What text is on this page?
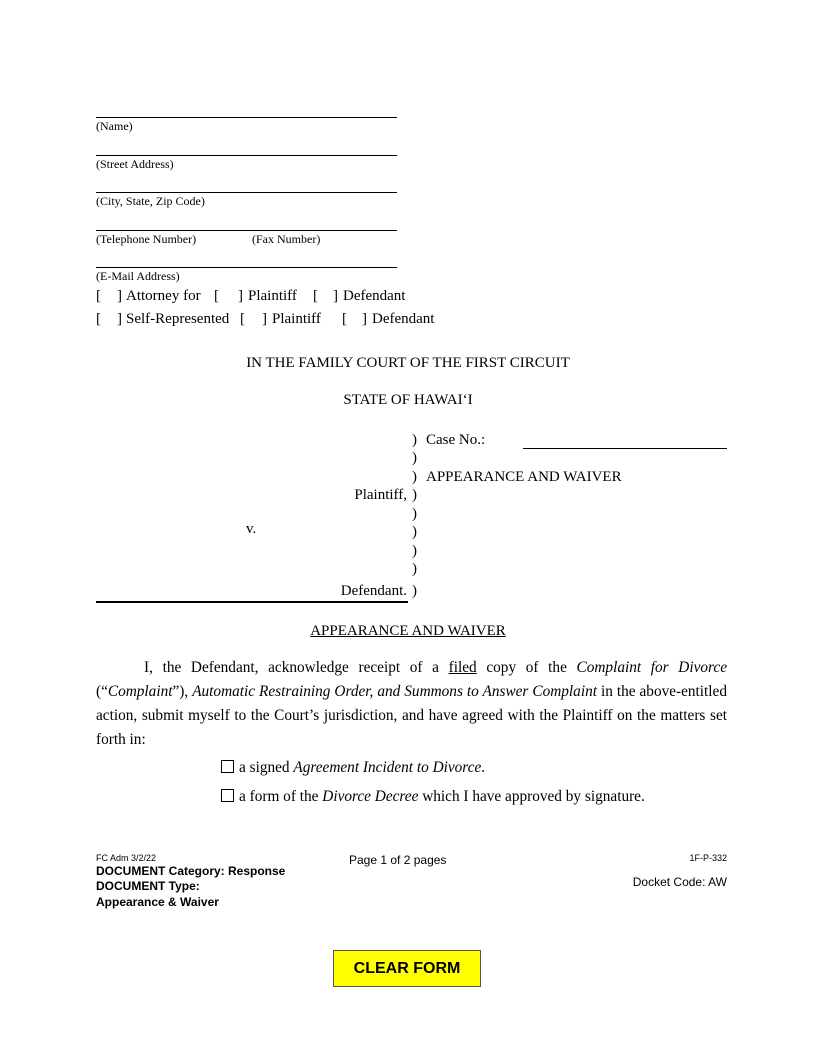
(Name)
(Street Address)
(City, State, Zip Code)
(Telephone Number)	(Fax Number)
(E-Mail Address)
[ ] Attorney for [ ] Plaintiff [ ] Defendant
[ ] Self-Represented [ ] Plaintiff [ ] Defendant
IN THE FAMILY COURT OF THE FIRST CIRCUIT
STATE OF HAWAI‘I
)
)
)
)
)
)
)
)
)
Case No.:
APPEARANCE AND WAIVER
Plaintiff,
v.
Defendant.
APPEARANCE AND WAIVER
I, the Defendant, acknowledge receipt of a filed copy of the Complaint for Divorce (“Complaint”), Automatic Restraining Order, and Summons to Answer Complaint in the above-entitled action, submit myself to the Court’s jurisdiction, and have agreed with the Plaintiff on the matters set forth in:
a signed Agreement Incident to Divorce.
a form of the Divorce Decree which I have approved by signature.
FC Adm 3/2/22
DOCUMENT Category: Response
DOCUMENT Type:
Appearance & Waiver
Page 1 of 2 pages	1F-P-332
Docket Code: AW
CLEAR FORM
